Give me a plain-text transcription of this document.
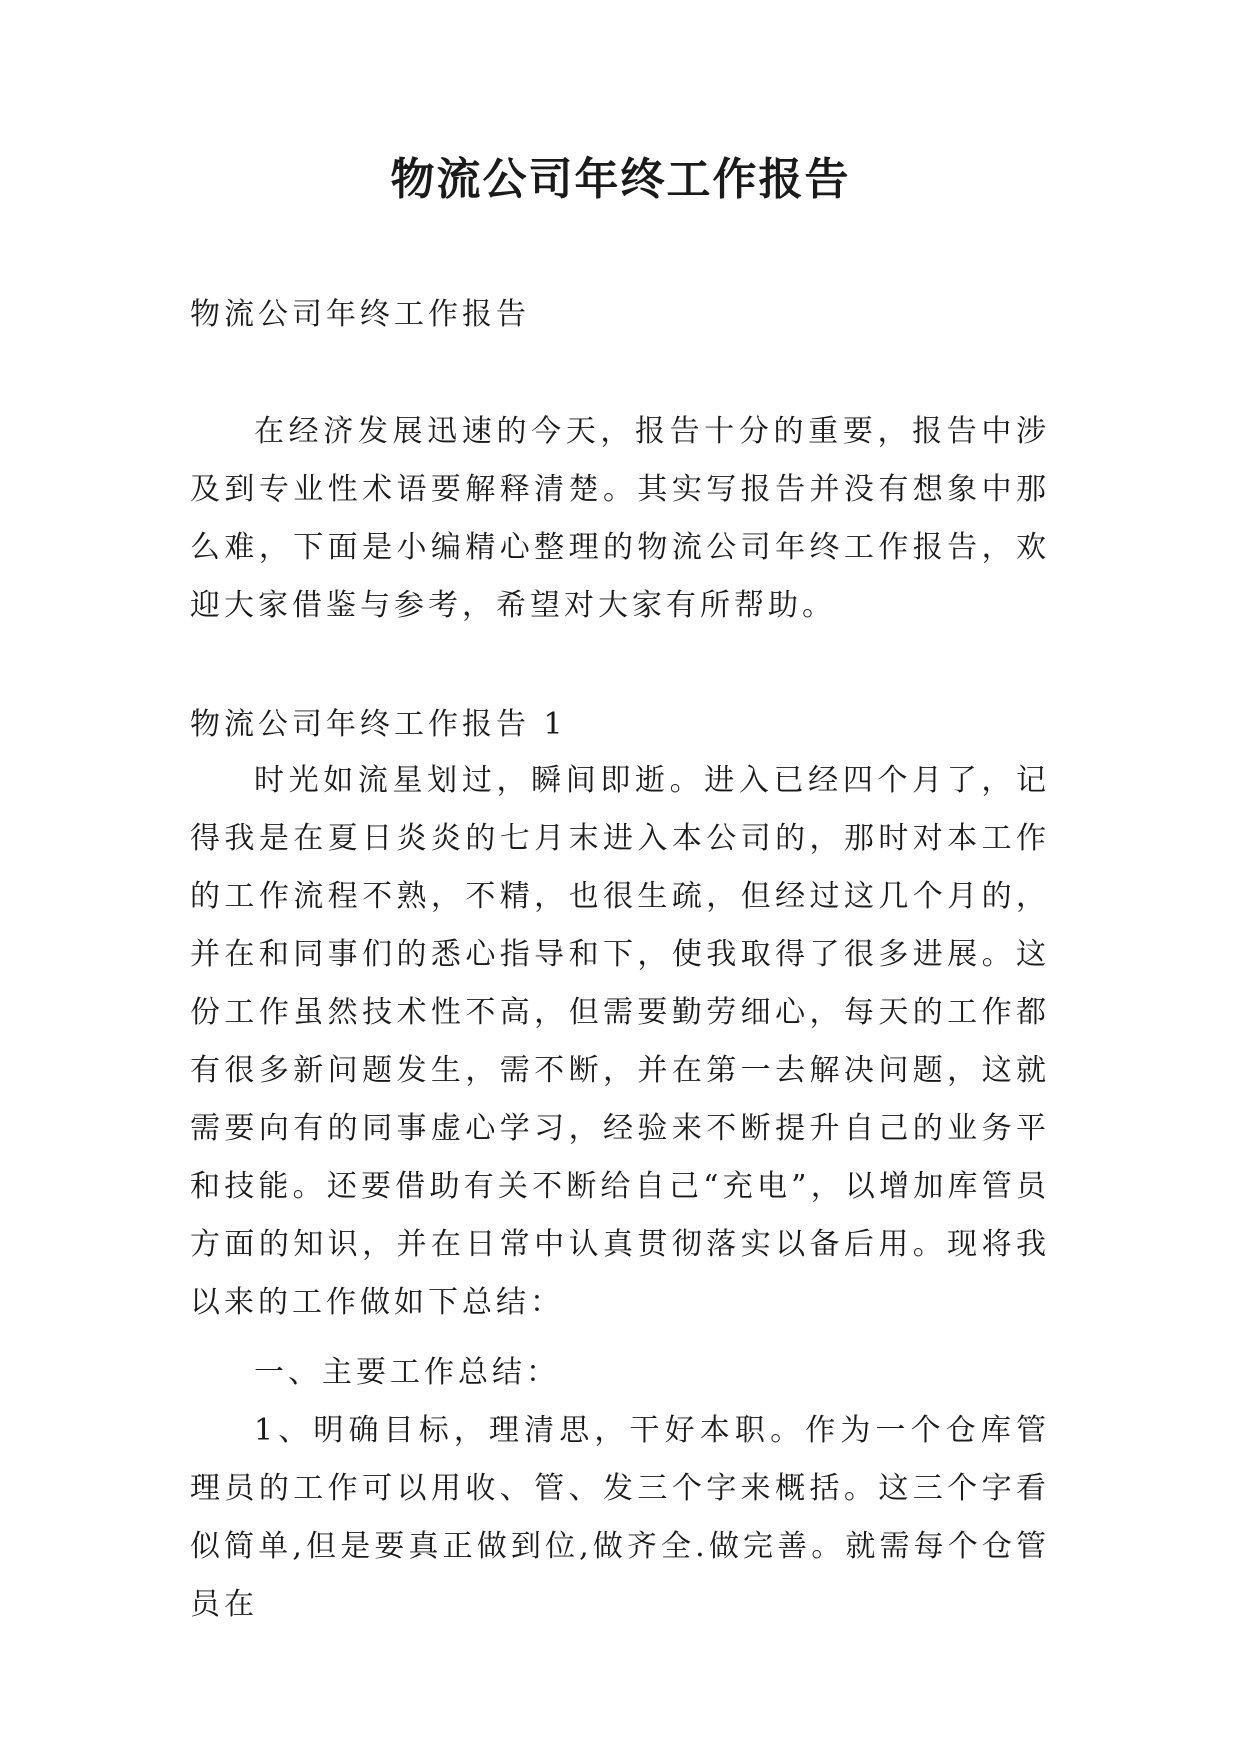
物流公司年终工作报告

物流公司年终工作报告

在经济发展迅速的今天，报告十分的重要，报告中涉及到专业性术语要解释清楚。其实写报告并没有想象中那么难，下面是小编精心整理的物流公司年终工作报告，欢迎大家借鉴与参考，希望对大家有所帮助。

物流公司年终工作报告 1

时光如流星划过，瞬间即逝。进入已经四个月了，记得我是在夏日炎炎的七月末进入本公司的，那时对本工作的工作流程不熟，不精，也很生疏，但经过这几个月的，并在和同事们的悉心指导和下，使我取得了很多进展。这份工作虽然技术性不高，但需要勤劳细心，每天的工作都有很多新问题发生，需不断，并在第一去解决问题，这就需要向有的同事虚心学习，经验来不断提升自己的业务平和技能。还要借助有关不断给自己“充电”，以增加库管员方面的知识，并在日常中认真贯彻落实以备后用。现将我以来的工作做如下总结：

一、主要工作总结：

1、明确目标，理清思，干好本职。作为一个仓库管理员的工作可以用收、管、发三个字来概括。这三个字看似简单,但是要真正做到位,做齐全.做完善。就需每个仓管员在
